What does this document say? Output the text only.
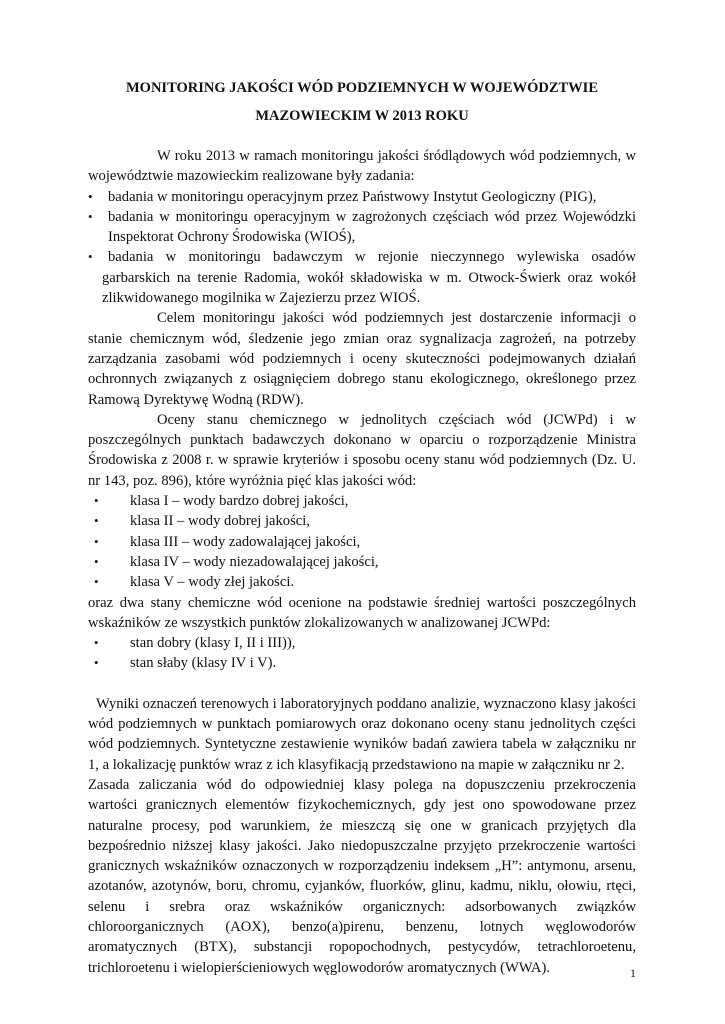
MONITORING JAKOŚCI WÓD PODZIEMNYCH W WOJEWÓDZTWIE
MAZOWIECKIM W 2013 ROKU

W roku 2013 w ramach monitoringu jakości śródlądowych wód podziemnych, w województwie mazowieckim realizowane były zadania:

• badania w monitoringu operacyjnym przez Państwowy Instytut Geologiczny (PIG),
• badania w monitoringu operacyjnym w zagrożonych częściach wód przez Wojewódzki Inspektorat Ochrony Środowiska (WIOŚ),
• badania w monitoringu badawczym w rejonie nieczynnego wylewiska osadów garbarskich na terenie Radomia, wokół składowiska w m. Otwock-Świerk oraz wokół zlikwidowanego mogilnika w Zajezierzu przez WIOŚ.

Celem monitoringu jakości wód podziemnych jest dostarczenie informacji o stanie chemicznym wód, śledzenie jego zmian oraz sygnalizacja zagrożeń, na potrzeby zarządzania zasobami wód podziemnych i oceny skuteczności podejmowanych działań ochronnych związanych z osiągnięciem dobrego stanu ekologicznego, określonego przez Ramową Dyrektywę Wodną (RDW).

Oceny stanu chemicznego w jednolitych częściach wód (JCWPd) i w poszczególnych punktach badawczych dokonano w oparciu o rozporządzenie Ministra Środowiska z 2008 r. w sprawie kryteriów i sposobu oceny stanu wód podziemnych (Dz. U. nr 143, poz. 896), które wyróżnia pięć klas jakości wód:

• klasa I – wody bardzo dobrej jakości,
• klasa II – wody dobrej jakości,
• klasa III – wody zadowalającej jakości,
• klasa IV – wody niezadowalającej jakości,
• klasa V – wody złej jakości.

oraz dwa stany chemiczne wód ocenione na podstawie średniej wartości poszczególnych wskaźników ze wszystkich punktów zlokalizowanych w analizowanej JCWPd:

• stan dobry (klasy I, II i III)),
• stan słaby (klasy IV i V).

Wyniki oznaczeń terenowych i laboratoryjnych poddano analizie, wyznaczono klasy jakości wód podziemnych w punktach pomiarowych oraz dokonano oceny stanu jednolitych części wód podziemnych. Syntetyczne zestawienie wyników badań zawiera tabela w załączniku nr 1, a lokalizację punktów wraz z ich klasyfikacją przedstawiono na mapie w załączniku nr 2.

Zasada zaliczania wód do odpowiedniej klasy polega na dopuszczeniu przekroczenia wartości granicznych elementów fizykochemicznych, gdy jest ono spowodowane przez naturalne procesy, pod warunkiem, że mieszczą się one w granicach przyjętych dla bezpośrednio niższej klasy jakości. Jako niedopuszczalne przyjęto przekroczenie wartości granicznych wskaźników oznaczonych w rozporządzeniu indeksem „H”: antymonu, arsenu, azotanów, azotynów, boru, chromu, cyjanków, fluorków, glinu, kadmu, niklu, ołowiu, rtęci, selenu i srebra oraz wskaźników organicznych: adsorbowanych związków chloroorganicznych (AOX), benzo(a)pirenu, benzenu, lotnych węglowodorów aromatycznych (BTX), substancji ropopochodnych, pestycydów, tetrachloroetenu, trichloroetenu i wielopierścieniowych węglowodorów aromatycznych (WWA).	1
